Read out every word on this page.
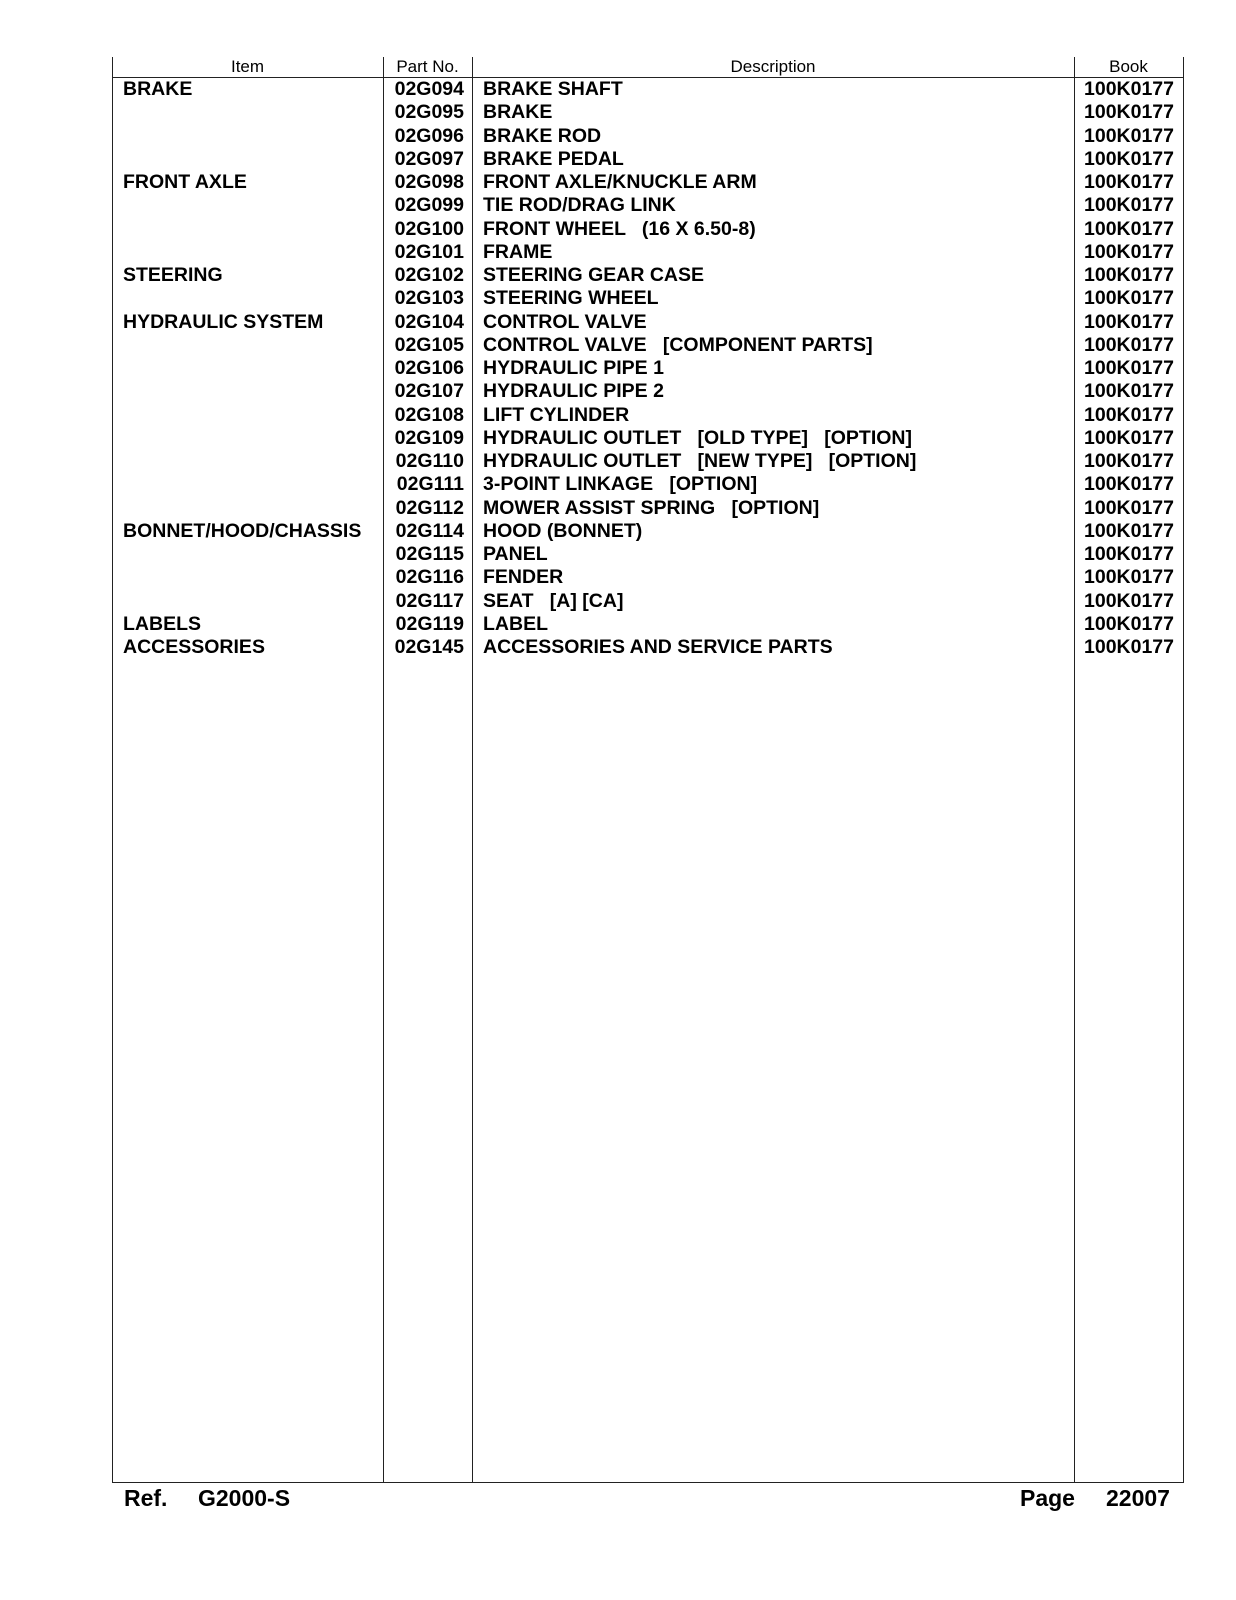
Item	Part No.	Description	Book
BRAKE	02G094 BRAKE SHAFT	100K0177
02G095 BRAKE	100K0177
02G096 BRAKE ROD	100K0177
02G097 BRAKE PEDAL	100K0177
FRONT AXLE	02G098 FRONT AXLE/KNUCKLE ARM	100K0177
02G099 TIE ROD/DRAG LINK	100K0177
02G100 FRONT WHEEL   (16 X 6.50-8)	100K0177
02G101 FRAME	100K0177
STEERING	02G102 STEERING GEAR CASE	100K0177
02G103 STEERING WHEEL	100K0177
HYDRAULIC SYSTEM	02G104 CONTROL VALVE	100K0177
02G105 CONTROL VALVE   [COMPONENT PARTS]	100K0177
02G106 HYDRAULIC PIPE 1	100K0177
02G107 HYDRAULIC PIPE 2	100K0177
02G108 LIFT CYLINDER	100K0177
02G109 HYDRAULIC OUTLET   [OLD TYPE]   [OPTION]	100K0177
02G110 HYDRAULIC OUTLET   [NEW TYPE]   [OPTION]	100K0177
02G111 3-POINT LINKAGE   [OPTION]	100K0177
02G112 MOWER ASSIST SPRING   [OPTION]	100K0177
BONNET/HOOD/CHASSIS	02G114 HOOD (BONNET)	100K0177
02G115 PANEL	100K0177
02G116 FENDER	100K0177
02G117 SEAT   [A] [CA]	100K0177
LABELS	02G119 LABEL	100K0177
ACCESSORIES	02G145 ACCESSORIES AND SERVICE PARTS	100K0177
Ref. G2000-S	Page 22007
